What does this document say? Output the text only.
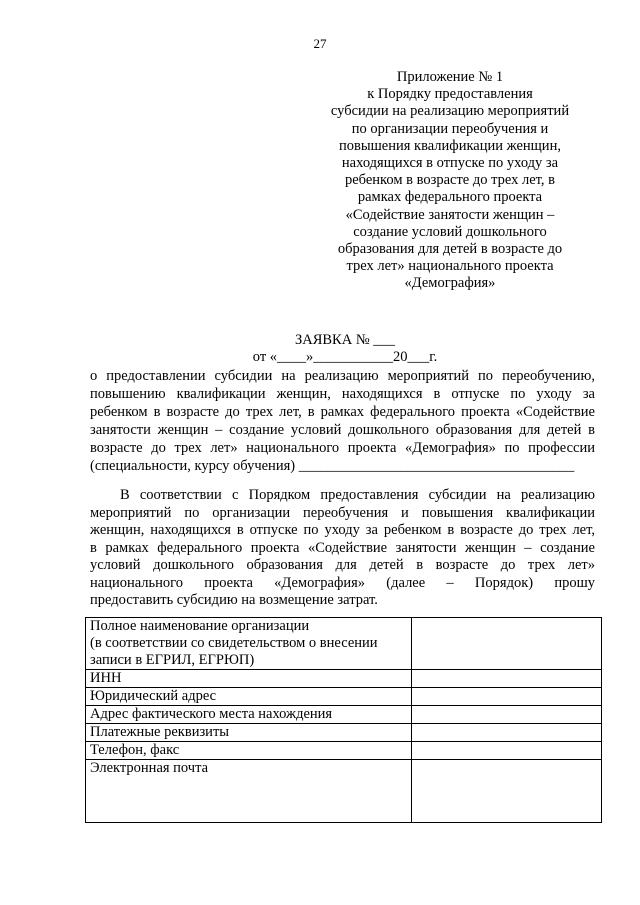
27
Приложение № 1
к Порядку предоставления
субсидии на реализацию мероприятий
по организации переобучения и
повышения квалификации женщин,
находящихся в отпуске по уходу за
ребенком в возрасте до трех лет, в
рамках федерального проекта
«Содействие занятости женщин –
создание условий дошкольного
образования для детей в возрасте до
трех лет» национального проекта
«Демография»
ЗАЯВКА № ___
от «____»___________20___г.
о предоставлении субсидии на реализацию мероприятий по переобучению,
повышению квалификации женщин, находящихся в отпуске по уходу за
ребенком в возрасте до трех лет, в рамках федерального проекта «Содействие
занятости женщин – создание условий дошкольного образования для детей в
возрасте до трех лет» национального проекта «Демография» по профессии
(специальности, курсу обучения) ______________________________________
В соответствии с Порядком предоставления субсидии на реализацию
мероприятий по организации переобучения и повышения квалификации
женщин, находящихся в отпуске по уходу за ребенком в возрасте до трех лет,
в рамках федерального проекта «Содействие занятости женщин – создание
условий дошкольного образования для детей в возрасте до трех лет»
национального проекта «Демография» (далее – Порядок) прошу
предоставить субсидию на возмещение затрат.
Полное наименование организации
(в соответствии со свидетельством о внесении
записи в ЕГРИЛ, ЕГРЮП)	

ИНН	
Юридический адрес	
Адрес фактического места нахождения	
Платежные реквизиты	
Телефон, факс	
Электронная почта	
